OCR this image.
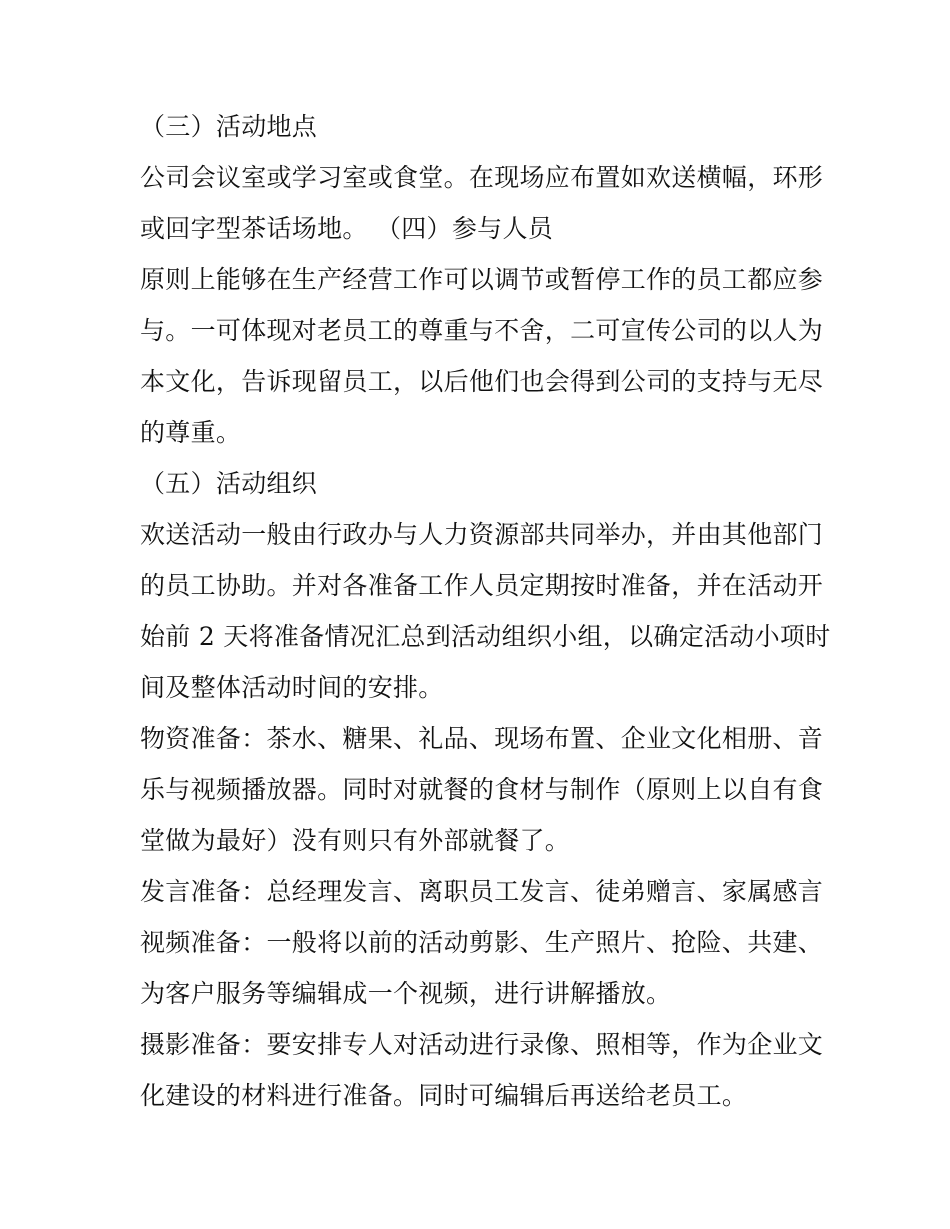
（三）活动地点
公司会议室或学习室或食堂。在现场应布置如欢送横幅，环形
或回字型茶话场地。 （四）参与人员
原则上能够在生产经营工作可以调节或暂停工作的员工都应参
与。一可体现对老员工的尊重与不舍，二可宣传公司的以人为
本文化，告诉现留员工，以后他们也会得到公司的支持与无尽
的尊重。
（五）活动组织
欢送活动一般由行政办与人力资源部共同举办，并由其他部门
的员工协助。并对各准备工作人员定期按时准备，并在活动开
始前 2 天将准备情况汇总到活动组织小组，以确定活动小项时
间及整体活动时间的安排。
物资准备：茶水、糖果、礼品、现场布置、企业文化相册、音
乐与视频播放器。同时对就餐的食材与制作（原则上以自有食
堂做为最好）没有则只有外部就餐了。
发言准备：总经理发言、离职员工发言、徒弟赠言、家属感言
视频准备：一般将以前的活动剪影、生产照片、抢险、共建、
为客户服务等编辑成一个视频，进行讲解播放。
摄影准备：要安排专人对活动进行录像、照相等，作为企业文
化建设的材料进行准备。同时可编辑后再送给老员工。
